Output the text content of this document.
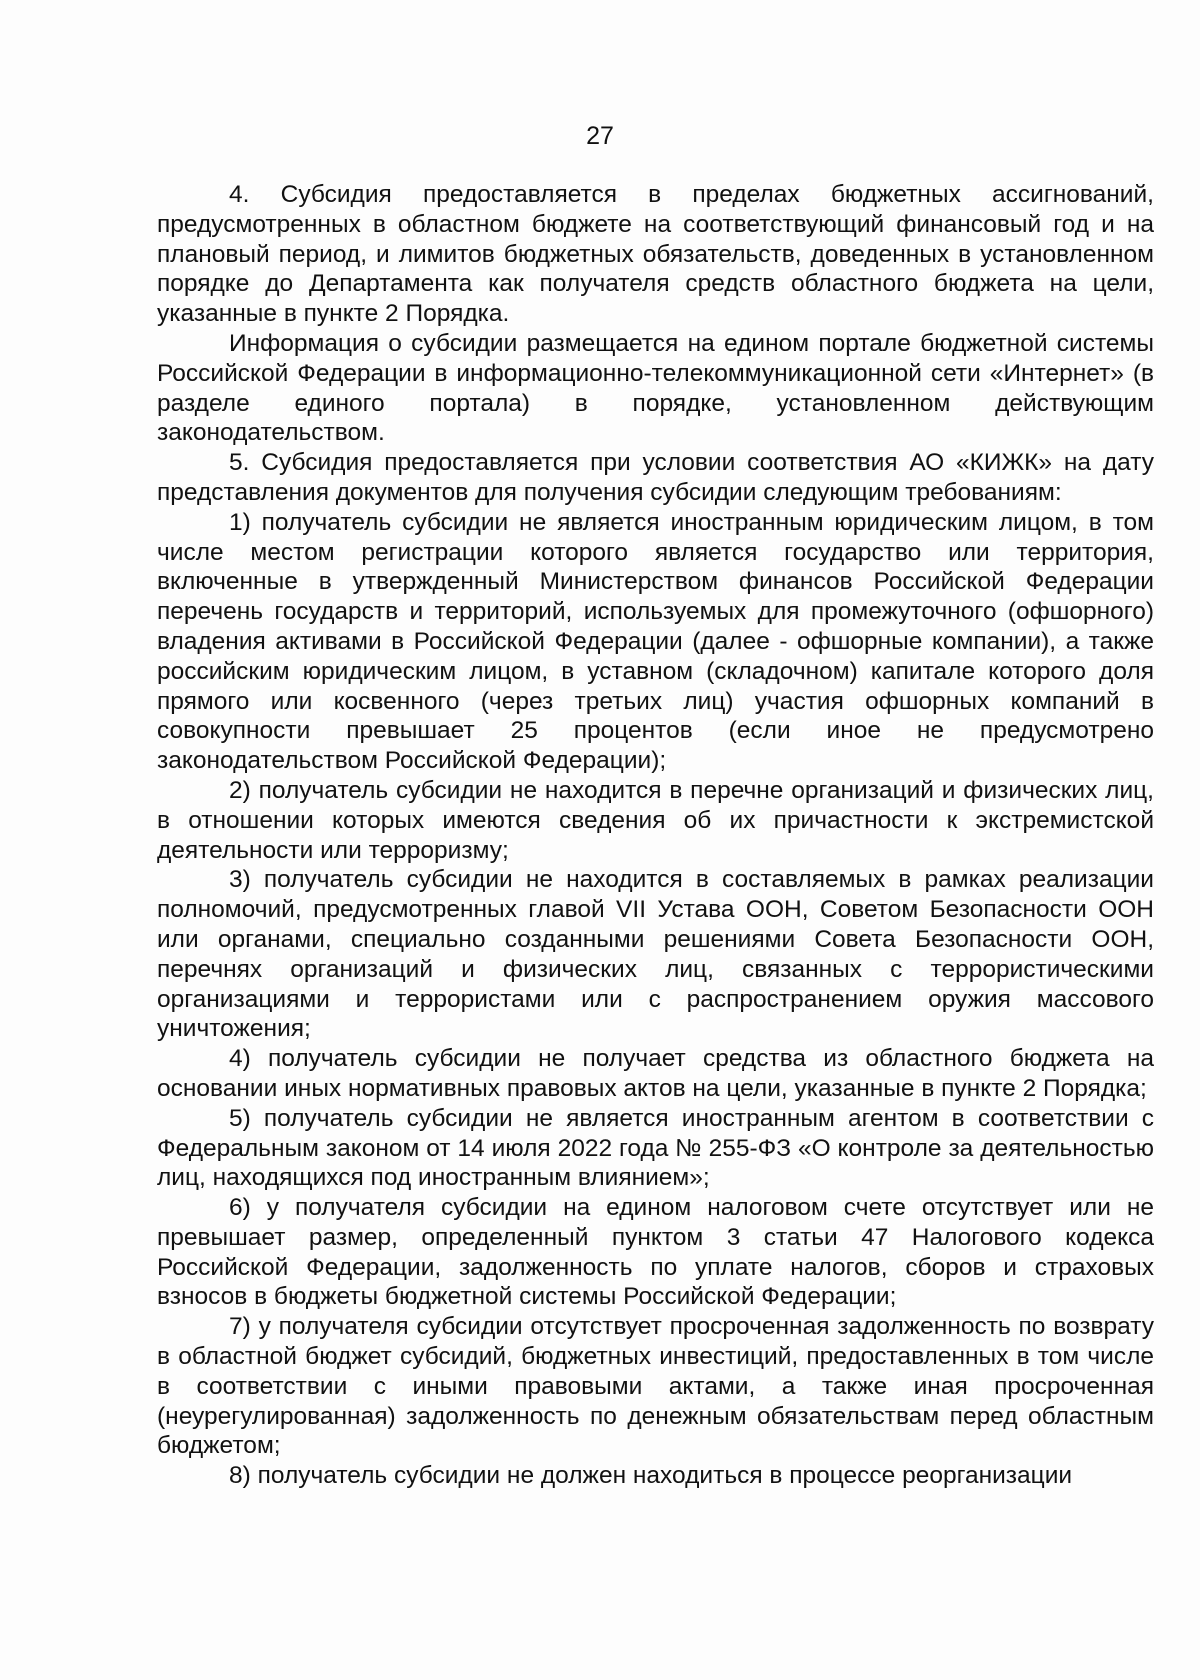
27

4. Субсидия предоставляется в пределах бюджетных ассигнований, предусмотренных в областном бюджете на соответствующий финансовый год и на плановый период, и лимитов бюджетных обязательств, доведенных в установленном порядке до Департамента как получателя средств областного бюджета на цели, указанные в пункте 2 Порядка.

Информация о субсидии размещается на едином портале бюджетной системы Российской Федерации в информационно-телекоммуникационной сети «Интернет» (в разделе единого портала) в порядке, установленном действующим законодательством.

5. Субсидия предоставляется при условии соответствия АО «КИЖК» на дату представления документов для получения субсидии следующим требованиям:

1) получатель субсидии не является иностранным юридическим лицом, в том числе местом регистрации которого является государство или территория, включенные в утвержденный Министерством финансов Российской Федерации перечень государств и территорий, используемых для промежуточного (офшорного) владения активами в Российской Федерации (далее - офшорные компании), а также российским юридическим лицом, в уставном (складочном) капитале которого доля прямого или косвенного (через третьих лиц) участия офшорных компаний в совокупности превышает 25 процентов (если иное не предусмотрено законодательством Российской Федерации);

2) получатель субсидии не находится в перечне организаций и физических лиц, в отношении которых имеются сведения об их причастности к экстремистской деятельности или терроризму;

3) получатель субсидии не находится в составляемых в рамках реализации полномочий, предусмотренных главой VII Устава ООН, Советом Безопасности ООН или органами, специально созданными решениями Совета Безопасности ООН, перечнях организаций и физических лиц, связанных с террористическими организациями и террористами или с распространением оружия массового уничтожения;

4) получатель субсидии не получает средства из областного бюджета на основании иных нормативных правовых актов на цели, указанные в пункте 2 Порядка;

5) получатель субсидии не является иностранным агентом в соответствии с Федеральным законом от 14 июля 2022 года № 255-ФЗ «О контроле за деятельностью лиц, находящихся под иностранным влиянием»;

6) у получателя субсидии на едином налоговом счете отсутствует или не превышает размер, определенный пунктом 3 статьи 47 Налогового кодекса Российской Федерации, задолженность по уплате налогов, сборов и страховых взносов в бюджеты бюджетной системы Российской Федерации;

7) у получателя субсидии отсутствует просроченная задолженность по возврату в областной бюджет субсидий, бюджетных инвестиций, предоставленных в том числе в соответствии с иными правовыми актами, а также иная просроченная (неурегулированная) задолженность по денежным обязательствам перед областным бюджетом;

8) получатель субсидии не должен находиться в процессе реорганизации
